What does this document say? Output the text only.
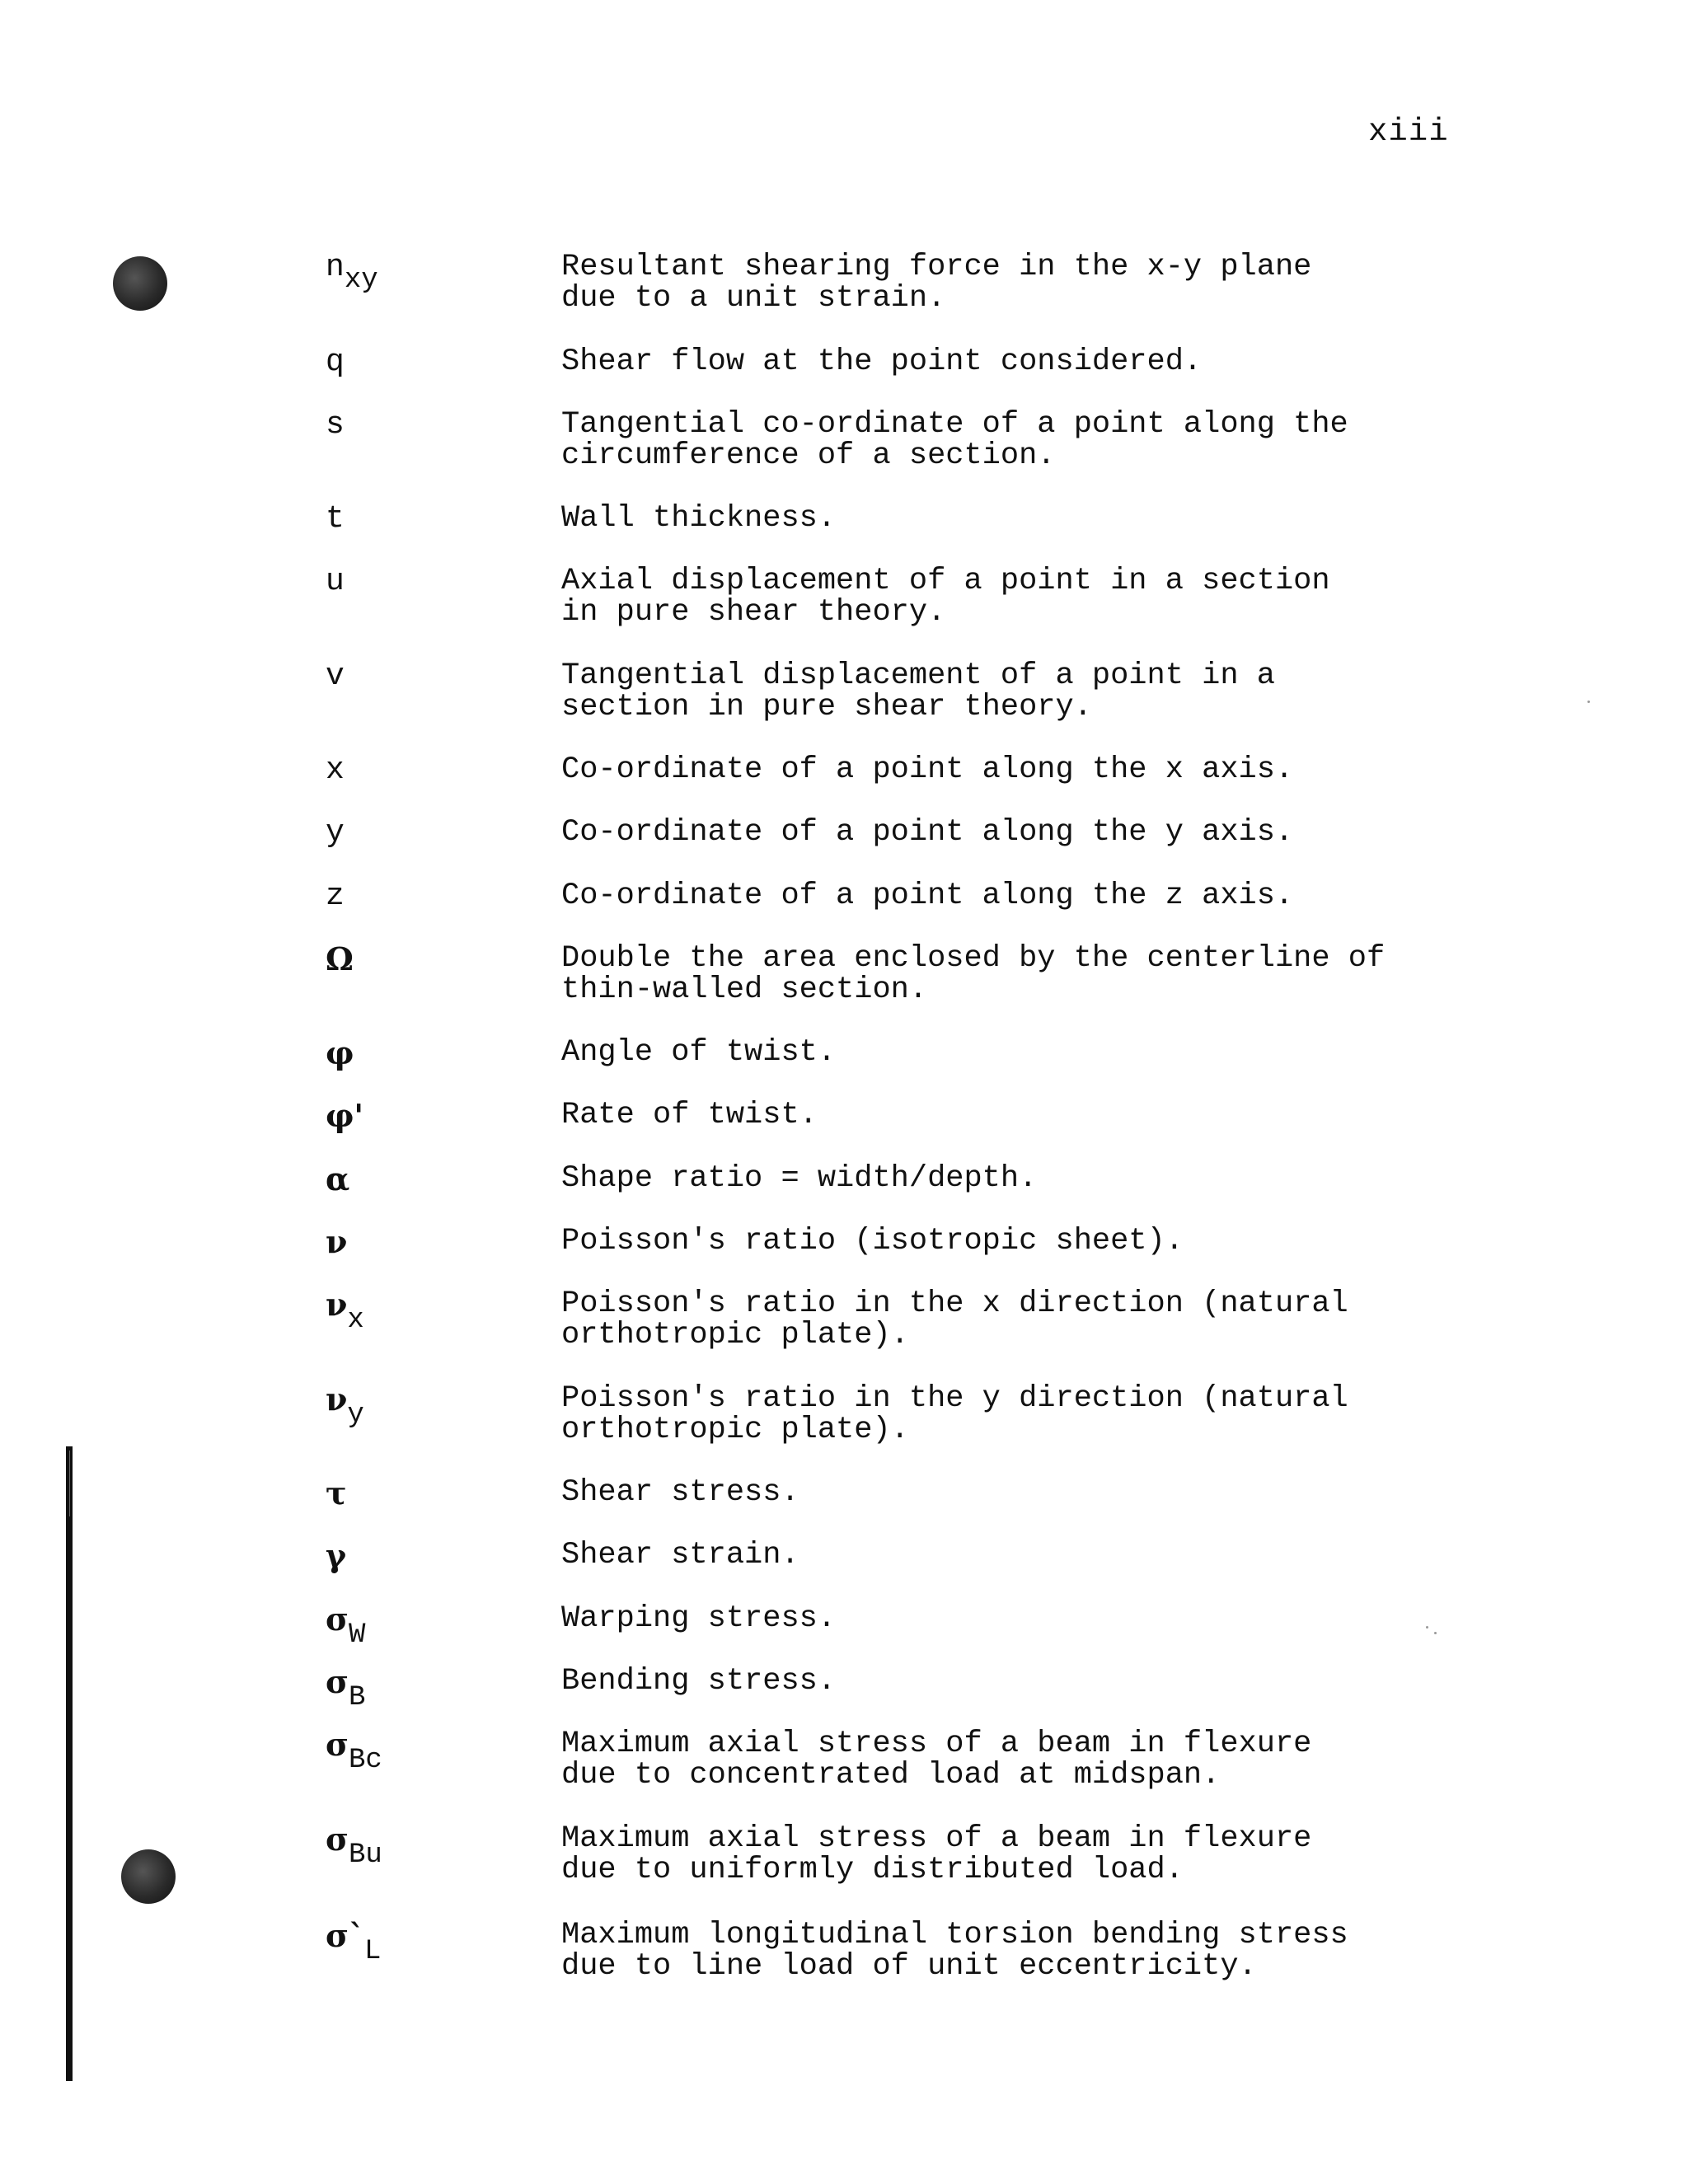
xiii
nxy	Resultant shearing force in the x-y plane
due to a unit strain.
q	Shear flow at the point considered.
s	Tangential co-ordinate of a point along the
circumference of a section.
t	Wall thickness.
u	Axial displacement of a point in a section
in pure shear theory.
v	Tangential displacement of a point in a
section in pure shear theory.
x	Co-ordinate of a point along the x axis.
y	Co-ordinate of a point along the y axis.
z	Co-ordinate of a point along the z axis.
Ω	Double the area enclosed by the centerline of
thin-walled section.
φ	Angle of twist.
φ'	Rate of twist.
α	Shape ratio = width/depth.
ν	Poisson's ratio (isotropic sheet).
νx	Poisson's ratio in the x direction (natural
orthotropic plate).
νy	Poisson's ratio in the y direction (natural
orthotropic plate).
τ	Shear stress.
γ	Shear strain.
σW	Warping stress.
σB	Bending stress.
σBc	Maximum axial stress of a beam in flexure
due to concentrated load at midspan.
σBu	Maximum axial stress of a beam in flexure
due to uniformly distributed load.
σ`L	Maximum longitudinal torsion bending stress
due to line load of unit eccentricity.
